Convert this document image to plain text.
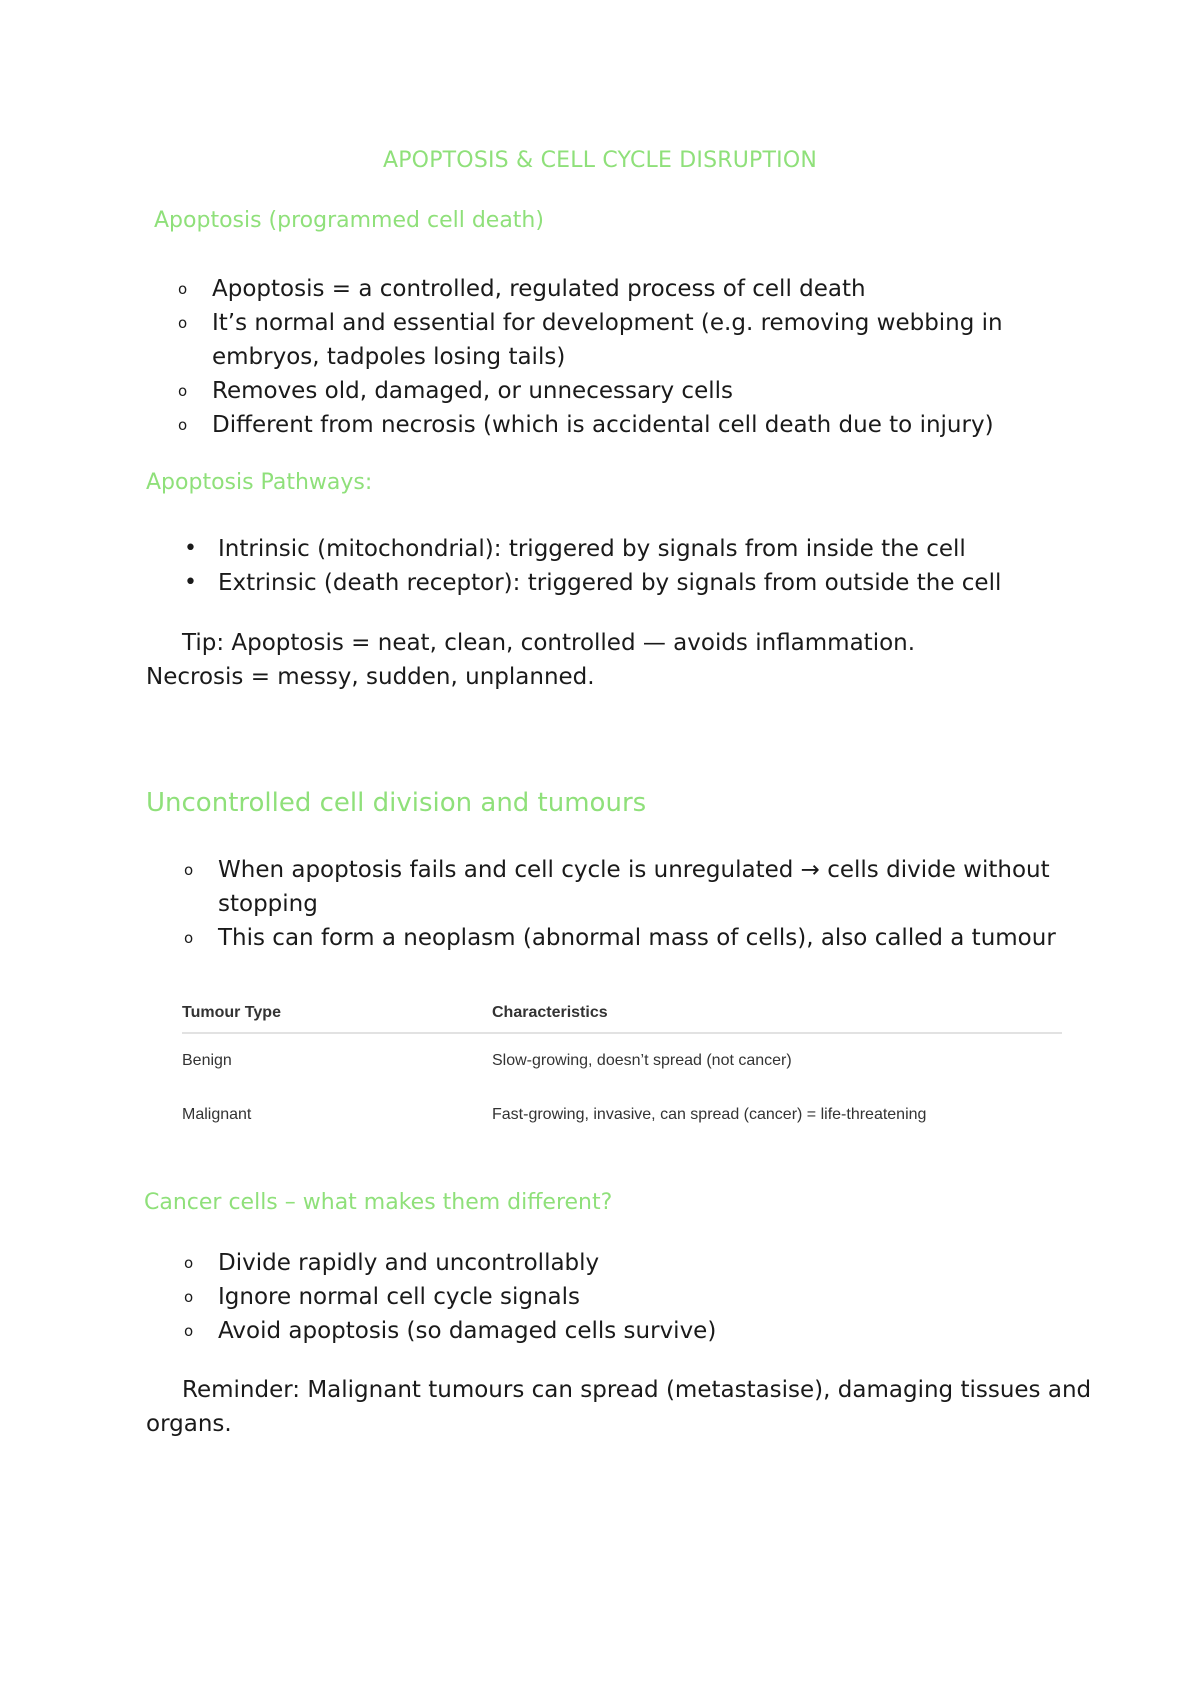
APOPTOSIS & CELL CYCLE DISRUPTION
Apoptosis (programmed cell death)
o Apoptosis = a controlled, regulated process of cell death
o It’s normal and essential for development (e.g. removing webbing in embryos, tadpoles losing tails)
o Removes old, damaged, or unnecessary cells
o Different from necrosis (which is accidental cell death due to injury)
Apoptosis Pathways:
• Intrinsic (mitochondrial): triggered by signals from inside the cell
• Extrinsic (death receptor): triggered by signals from outside the cell
Tip: Apoptosis = neat, clean, controlled — avoids inflammation.
Necrosis = messy, sudden, unplanned.
Uncontrolled cell division and tumours
o When apoptosis fails and cell cycle is unregulated → cells divide without stopping
o This can form a neoplasm (abnormal mass of cells), also called a tumour
Tumour Type	Characteristics
Benign	Slow-growing, doesn’t spread (not cancer)
Malignant	Fast-growing, invasive, can spread (cancer) = life-threatening
Cancer cells – what makes them different?
o Divide rapidly and uncontrollably
o Ignore normal cell cycle signals
o Avoid apoptosis (so damaged cells survive)
Reminder: Malignant tumours can spread (metastasise), damaging tissues and
organs.
